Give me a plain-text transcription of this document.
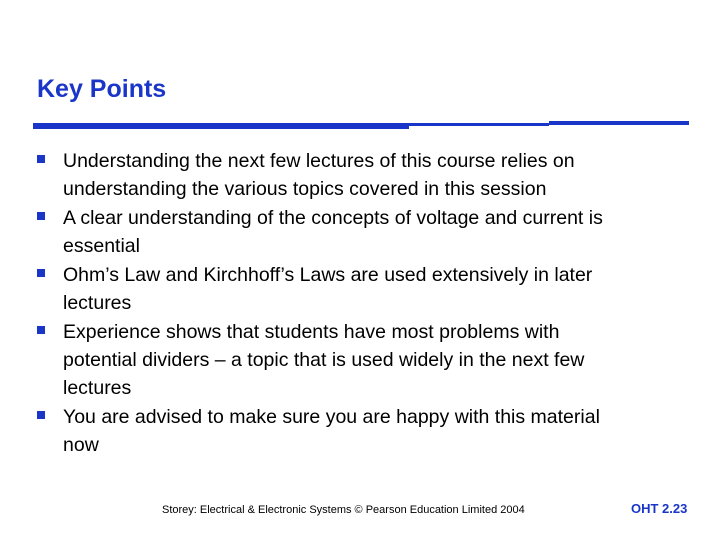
Key Points
Understanding the next few lectures of this course relies on
understanding the various topics covered in this session
A clear understanding of the concepts of voltage and current is
essential
Ohm’s Law and Kirchhoff’s Laws are used extensively in later
lectures
Experience shows that students have most problems with
potential dividers – a topic that is used widely in the next few
lectures
You are advised to make sure you are happy with this material
now
Storey: Electrical & Electronic Systems © Pearson Education Limited 2004	OHT 2.23
